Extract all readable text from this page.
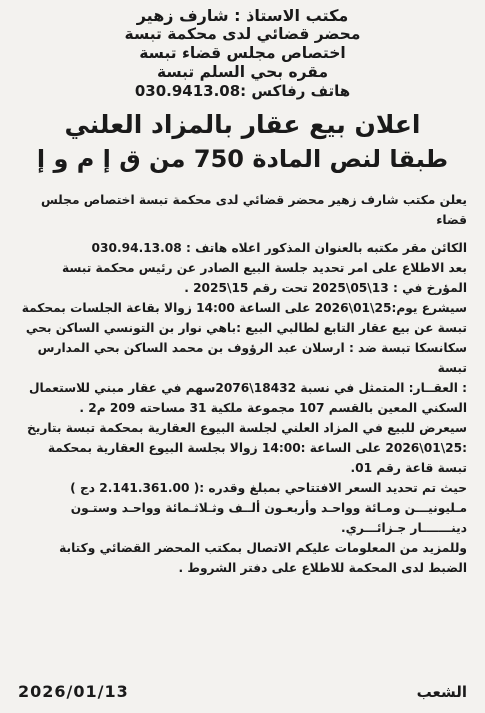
مكتب الاستاذ : شارف زهير
محضر قضائي لدى محكمة تبسة
اختصاص مجلس قضاء تبسة
مقره بحي السلم تبسة
هاتف رفاكس :030.9413.08
اعلان بيع عقار بالمزاد العلني
طبقا لنص المادة 750 من ق إ م و إ
يعلن مكتب شارف زهير محضر قضائي لدى محكمة تبسة اختصاص مجلس
قضاء
الكائن مقر مكتبه بالعنوان المذكور اعلاه هاتف : 030.94.13.08
بعد الاطلاع على امر تحديد جلسة البيع الصادر عن رئيس محكمة تبسة
المؤرخ في : 13\05\2025 تحت رقم 15\2025 .
سيشرع يوم:25\01\2026 على الساعة 14:00 زوالا بقاعة الجلسات بمحكمة
تبسة عن بيع عقار التابع لطالبي البيع :باهي نوار بن التونسي الساكن بحي
سكانسكا تبسة ضد : ارسلان عبد الرؤوف بن محمد الساكن بحي المدارس
تبسة
: العقــار: المتمثل في نسبة 18432\2076سهم في عقار مبني للاستعمال
السكني المعين بالقسم 107 مجموعة ملكية 31 مساحته 209 م2 .
سيعرض للبيع في المزاد العلني لجلسة البيوع العقارية بمحكمة تبسة بتاريخ
:25\01\2026 على الساعة :14:00 زوالا بجلسة البيوع العقارية بمحكمة
تبسة قاعة رقم 01.
حيث تم تحديد السعر الافتتاحي بمبلغ وقدره :( 2.141.361.00 دج )
مـليونيـــن ومـائة وواحـد وأربعـون ألــف وثـلاثـمائة وواحـد وستـون
دينـــــــار جـزائـــري.
وللمزيد من المعلومات عليكم الاتصال بمكتب المحضر القضائي وكتابة
الضبط لدى المحكمة للاطلاع على دفتر الشروط .
الشعب
2026/01/13
